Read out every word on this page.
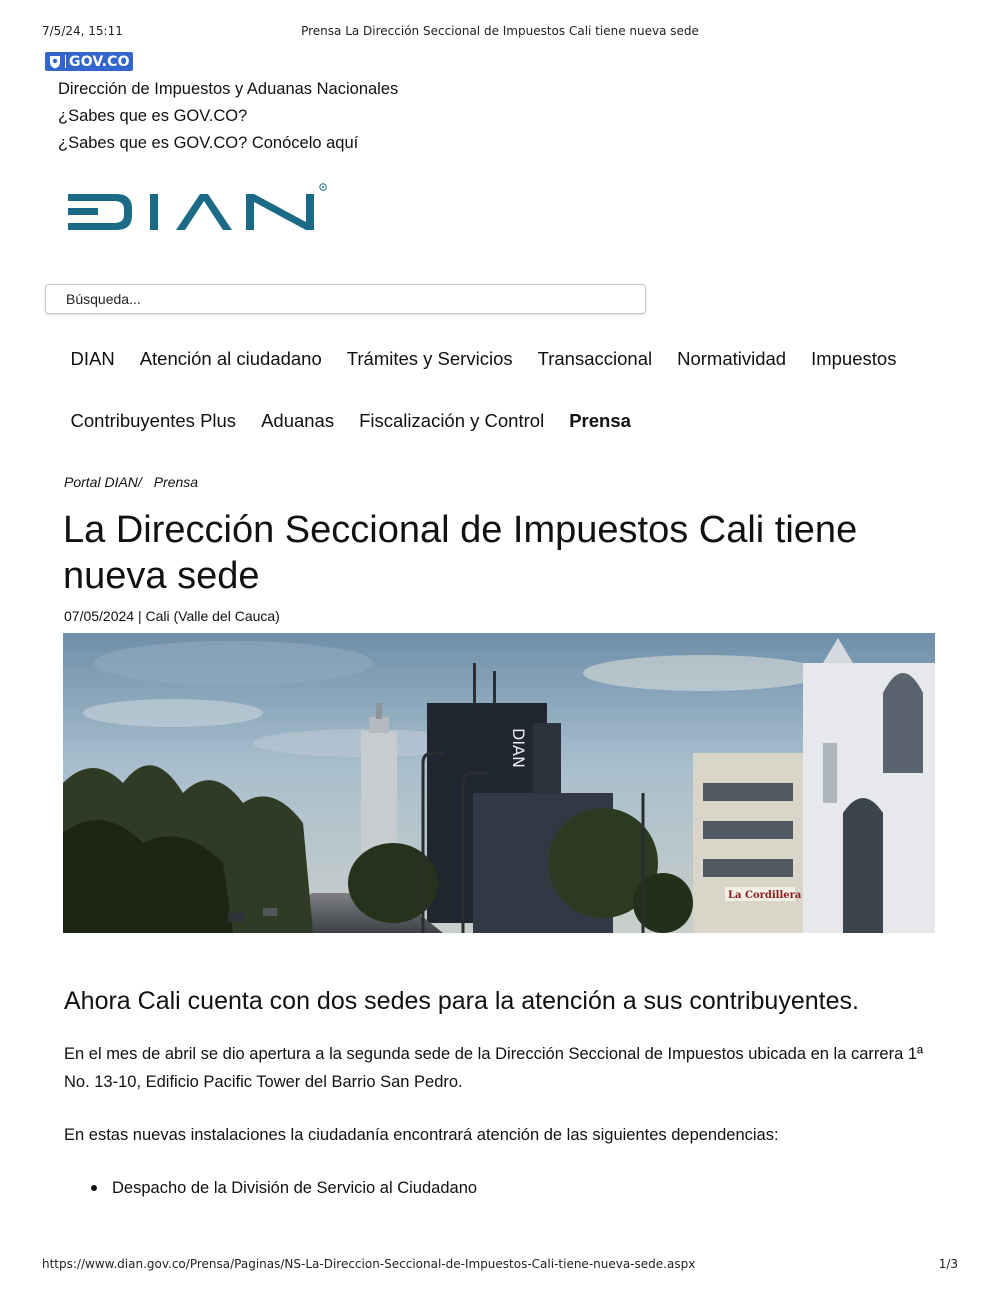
7/5/24, 15:11	Prensa La Dirección Seccional de Impuestos Cali tiene nueva sede
GOV.CO
Dirección de Impuestos y Aduanas Nacionales
¿Sabes que es GOV.CO?
¿Sabes que es GOV.CO? Conócelo aquí
Búsqueda...
DIAN	Atención al ciudadano	Trámites y Servicios	Transaccional	Normatividad	Impuestos
Contribuyentes Plus	Aduanas	Fiscalización y Control	Prensa
Portal DIAN/ Prensa
La Dirección Seccional de Impuestos Cali tiene nueva sede
07/05/2024 | Cali (Valle del Cauca)
DIAN
La Cordillera
Ahora Cali cuenta con dos sedes para la atención a sus contribuyentes.

En el mes de abril se dio apertura a la segunda sede de la Dirección Seccional de Impuestos ubicada en la carrera 1ª No. 13-10, Edificio Pacific Tower del Barrio San Pedro.

En estas nuevas instalaciones la ciudadanía encontrará atención de las siguientes dependencias:

Despacho de la División de Servicio al Ciudadano
https://www.dian.gov.co/Prensa/Paginas/NS-La-Direccion-Seccional-de-Impuestos-Cali-tiene-nueva-sede.aspx	1/3
